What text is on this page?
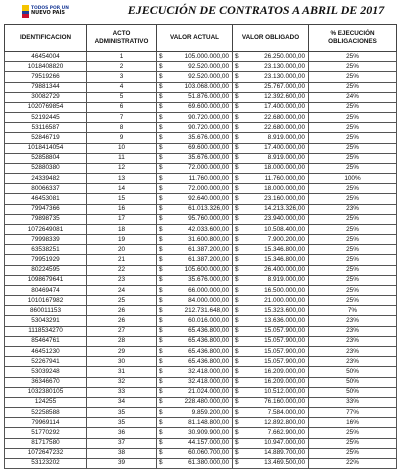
TODOS POR UN
NUEVO PAÍS	EJECUCIÓN DE CONTRATOS A ABRIL DE 2017
IDENTIFICACION	ACTO ADMINISTRATIVO	VALOR ACTUAL	VALOR OBLIGADO	% EJECUCIÓN OBLIGACIONES
46454004	1	$ 105.000.000,00	$ 26.250.000,00	25%
1018408820	2	$ 92.520.000,00	$ 23.130.000,00	25%
79519266	3	$ 92.520.000,00	$ 23.130.000,00	25%
79881344	4	$ 103.068.000,00	$ 25.767.000,00	25%
30082729	5	$ 51.876.000,00	$ 12.392.600,00	24%
1020769854	6	$ 69.600.000,00	$ 17.400.000,00	25%
52192445	7	$ 90.720.000,00	$ 22.680.000,00	25%
53116587	8	$ 90.720.000,00	$ 22.680.000,00	25%
52846719	9	$ 35.676.000,00	$ 8.919.000,00	25%
1018414054	10	$ 69.600.000,00	$ 17.400.000,00	25%
52858804	11	$ 35.676.000,00	$ 8.919.000,00	25%
52880380	12	$ 72.000.000,00	$ 18.000.000,00	25%
24339482	13	$ 11.760.000,00	$ 11.760.000,00	100%
80066337	14	$ 72.000.000,00	$ 18.000.000,00	25%
46453081	15	$ 92.640.000,00	$ 23.160.000,00	25%
79947366	16	$ 61.013.326,00	$ 14.213.326,00	23%
79898735	17	$ 95.760.000,00	$ 23.940.000,00	25%
1072649081	18	$ 42.033.600,00	$ 10.508.400,00	25%
79998339	19	$ 31.600.800,00	$ 7.900.200,00	25%
63538251	20	$ 61.387.200,00	$ 15.346.800,00	25%
79951929	21	$ 61.387.200,00	$ 15.346.800,00	25%
80224595	22	$ 105.600.000,00	$ 26.400.000,00	25%
1098679641	23	$ 35.676.000,00	$ 8.919.000,00	25%
80469474	24	$ 66.000.000,00	$ 16.500.000,00	25%
1010167982	25	$ 84.000.000,00	$ 21.000.000,00	25%
860011153	26	$ 212.731.648,00	$ 15.323.600,00	7%
53043291	26	$ 60.016.000,00	$ 13.636.000,00	23%
1118534270	27	$ 65.436.800,00	$ 15.057.900,00	23%
85464761	28	$ 65.436.800,00	$ 15.057.900,00	23%
46451230	29	$ 65.436.800,00	$ 15.057.900,00	23%
52267941	30	$ 65.436.800,00	$ 15.057.900,00	23%
53039248	31	$ 32.418.000,00	$ 16.209.000,00	50%
36346670	32	$ 32.418.000,00	$ 16.209.000,00	50%
1032380105	33	$ 21.024.000,00	$ 10.512.000,00	50%
124255	34	$ 228.480.000,00	$ 76.160.000,00	33%
52258588	35	$ 9.859.200,00	$ 7.584.000,00	77%
79969114	35	$ 81.148.800,00	$ 12.892.800,00	16%
51770292	36	$ 30.909.900,00	$ 7.662.900,00	25%
81717580	37	$ 44.157.000,00	$ 10.947.000,00	25%
1072647232	38	$ 60.060.700,00	$ 14.889.700,00	25%
53123202	39	$ 61.380.000,00	$ 13.469.500,00	22%
